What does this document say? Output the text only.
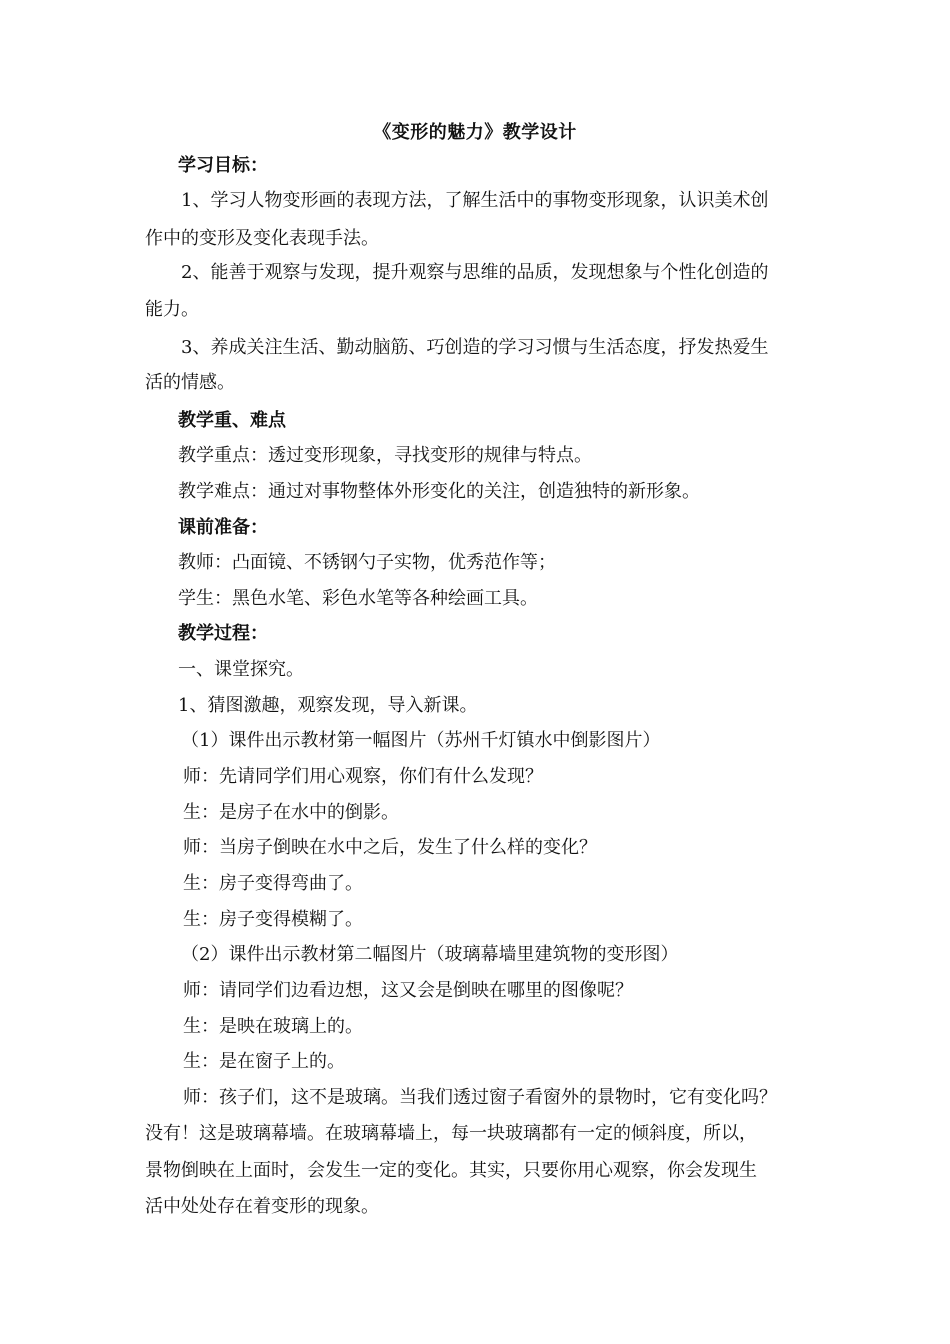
《变形的魅力》教学设计
学习目标：
1、学习人物变形画的表现方法，了解生活中的事物变形现象，认识美术创
作中的变形及变化表现手法。
2、能善于观察与发现，提升观察与思维的品质，发现想象与个性化创造的
能力。
3、养成关注生活、勤动脑筋、巧创造的学习习惯与生活态度，抒发热爱生
活的情感。
教学重、难点
教学重点：透过变形现象，寻找变形的规律与特点。
教学难点：通过对事物整体外形变化的关注，创造独特的新形象。
课前准备：
教师：凸面镜、不锈钢勺子实物，优秀范作等；
学生：黑色水笔、彩色水笔等各种绘画工具。
教学过程：
一、课堂探究。
1、猜图激趣，观察发现，导入新课。
（1）课件出示教材第一幅图片（苏州千灯镇水中倒影图片）
师：先请同学们用心观察，你们有什么发现？
生：是房子在水中的倒影。
师：当房子倒映在水中之后，发生了什么样的变化？
生：房子变得弯曲了。
生：房子变得模糊了。
（2）课件出示教材第二幅图片（玻璃幕墙里建筑物的变形图）
师：请同学们边看边想，这又会是倒映在哪里的图像呢？
生：是映在玻璃上的。
生：是在窗子上的。
师：孩子们，这不是玻璃。当我们透过窗子看窗外的景物时，它有变化吗？
没有！这是玻璃幕墙。在玻璃幕墙上，每一块玻璃都有一定的倾斜度，所以，
景物倒映在上面时，会发生一定的变化。其实，只要你用心观察，你会发现生
活中处处存在着变形的现象。
